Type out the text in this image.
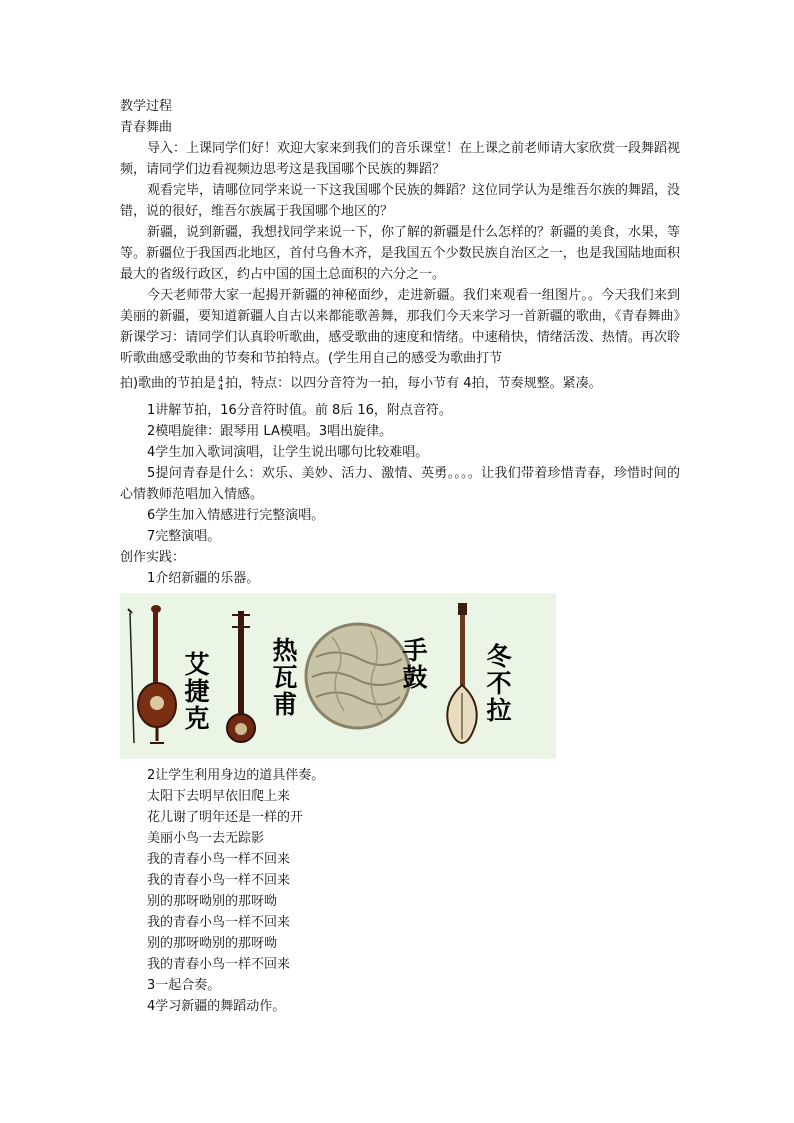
教学过程
青春舞曲

导入：上课同学们好！欢迎大家来到我们的音乐课堂！在上课之前老师请大家欣赏一段舞蹈视频，请同学们边看视频边思考这是我国哪个民族的舞蹈？

观看完毕，请哪位同学来说一下这我国哪个民族的舞蹈？这位同学认为是维吾尔族的舞蹈，没错，说的很好，维吾尔族属于我国哪个地区的？

新疆，说到新疆，我想找同学来说一下，你了解的新疆是什么怎样的？新疆的美食，水果，等等。新疆位于我国西北地区，首付乌鲁木齐，是我国五个少数民族自治区之一，也是我国陆地面积最大的省级行政区，约占中国的国土总面积的六分之一。

今天老师带大家一起揭开新疆的神秘面纱，走进新疆。我们来观看一组图片。。今天我们来到美丽的新疆，要知道新疆人自古以来都能歌善舞，那我们今天来学习一首新疆的歌曲，《青春舞曲》新课学习：请同学们认真聆听歌曲，感受歌曲的速度和情绪。中速稍快，情绪活泼、热情。再次聆听歌曲感受歌曲的节奏和节拍特点。(学生用自己的感受为歌曲打节

拍)歌曲的节拍是 4
4 拍，特点：以四分音符为一拍，每小节有 4拍，节奏规整。紧凑。
1讲解节拍，16分音符时值。前 8后 16，附点音符。
2模唱旋律：跟琴用 LA模唱。3唱出旋律。
4学生加入歌词演唱，让学生说出哪句比较难唱。

5提问青春是什么：欢乐、美妙、活力、激情、英勇。。。。让我们带着珍惜青春，珍惜时间的心情教师范唱加入情感。

6学生加入情感进行完整演唱。
7完整演唱。
创作实践：
1介绍新疆的乐器。
艾捷克
热瓦甫
手鼓
冬不拉
2让学生利用身边的道具伴奏。
太阳下去明早依旧爬上来
花儿谢了明年还是一样的开
美丽小鸟一去无踪影
我的青春小鸟一样不回来
我的青春小鸟一样不回来
别的那呀呦别的那呀呦
我的青春小鸟一样不回来
别的那呀呦别的那呀呦
我的青春小鸟一样不回来
3一起合奏。
4学习新疆的舞蹈动作。
